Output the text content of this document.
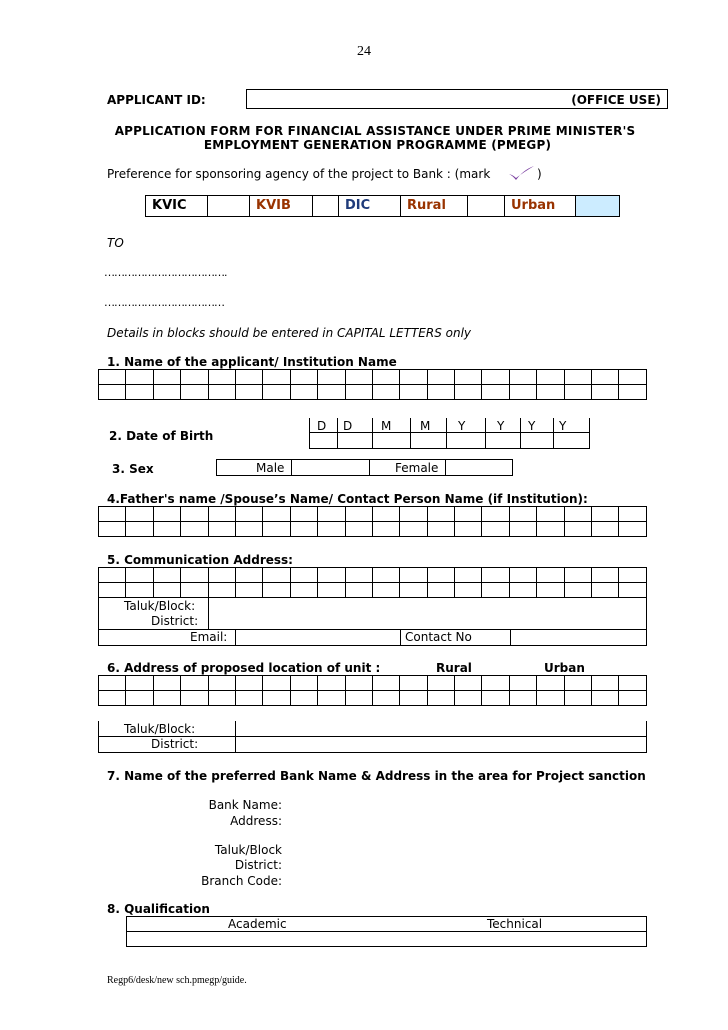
24
APPLICANT ID:	(OFFICE USE)
APPLICATION FORM FOR FINANCIAL ASSISTANCE UNDER PRIME MINISTER'S
EMPLOYMENT GENERATION PROGRAMME (PMEGP)
Preference for sponsoring agency of the project to Bank : (mark	)
KVIC	KVIB	DIC	Rural	Urban
TO
……………………………….
………………………………
Details in blocks should be entered in CAPITAL LETTERS only
1. Name of the applicant/ Institution Name

2. Date of Birth
D D M M Y	Y Y Y
3. Sex	Male	Female
4.Father's name /Spouse’s Name/ Contact Person Name (if Institution):

5. Communication Address:

Taluk/Block:
District:
Email:	Contact No
6. Address of proposed location of unit :	Rural	Urban

Taluk/Block:
District:
7. Name of the preferred Bank Name & Address in the area for Project sanction
Bank Name:
Address:
Taluk/Block
District:
Branch Code:
8. Qualification
Academic	Technical
Regp6/desk/new sch.pmegp/guide.
